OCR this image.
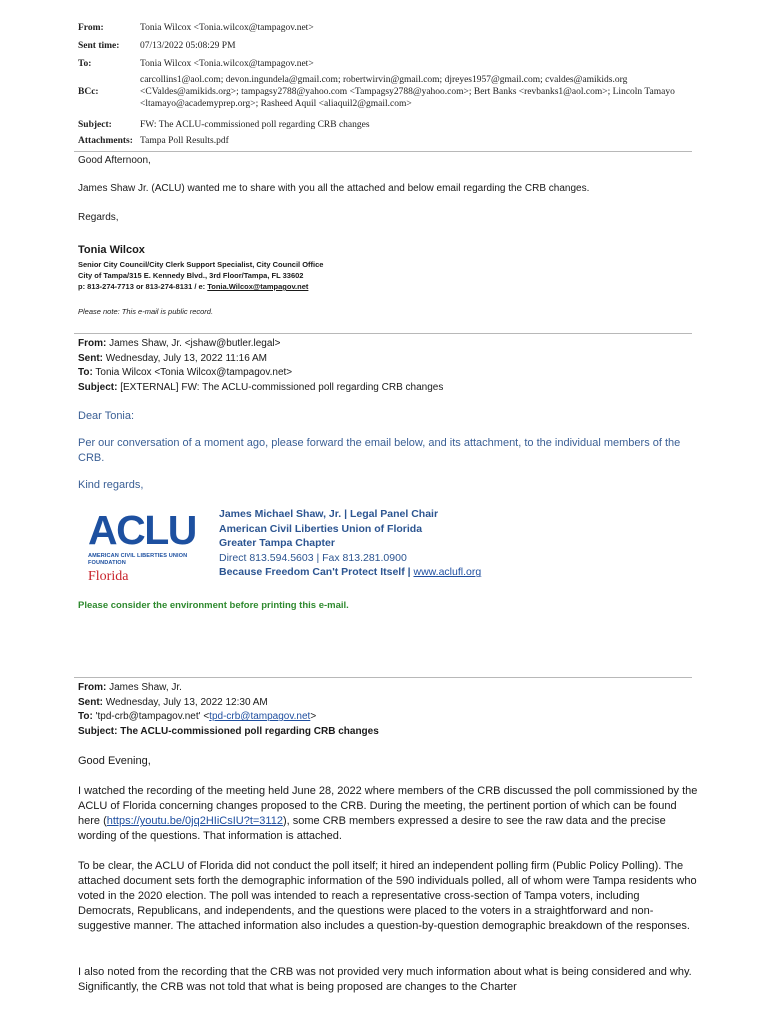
From:	Tonia Wilcox <Tonia.wilcox@tampagov.net>
Sent time:	07/13/2022 05:08:29 PM
To:	Tonia Wilcox <Tonia.wilcox@tampagov.net>
BCc:
carcollins1@aol.com; devon.ingundela@gmail.com; robertwirvin@gmail.com; djreyes1957@gmail.com; cvaldes@amikids.org
<CValdes@amikids.org>; tampagsy2788@yahoo.com <Tampagsy2788@yahoo.com>; Bert Banks <revbanks1@aol.com>; Lincoln Tamayo
<ltamayo@academyprep.org>; Rasheed Aquil <aliaquil2@gmail.com>
Subject:	FW: The ACLU-commissioned poll regarding CRB changes
Attachments: Tampa Poll Results.pdf
Good Afternoon,
James Shaw Jr. (ACLU) wanted me to share with you all the attached and below email regarding the CRB changes.
Regards,
Tonia Wilcox
Senior City Council/City Clerk Support Specialist, City Council Office
City of Tampa/315 E. Kennedy Blvd., 3rd Floor/Tampa, FL 33602
p: 813-274-7713 or 813-274-8131 / e: Tonia.Wilcox@tampagov.net
Please note: This e-mail is public record.
From: James Shaw, Jr. <jshaw@butler.legal>
Sent: Wednesday, July 13, 2022 11:16 AM
To: Tonia Wilcox <Tonia Wilcox@tampagov.net>
Subject: [EXTERNAL] FW: The ACLU-commissioned poll regarding CRB changes
Dear Tonia:
Per our conversation of a moment ago, please forward the email below, and its attachment, to the individual members of the CRB.
Kind regards,
ACLU
AMERICAN CIVIL LIBERTIES UNION
FOUNDATION
Florida
James Michael Shaw, Jr. | Legal Panel Chair
American Civil Liberties Union of Florida
Greater Tampa Chapter
Direct 813.594.5603 | Fax 813.281.0900
Because Freedom Can't Protect Itself | www.aclufl.org
Please consider the environment before printing this e-mail.
From: James Shaw, Jr.
Sent: Wednesday, July 13, 2022 12:30 AM
To: 'tpd-crb@tampagov.net' <tpd-crb@tampagov.net>
Subject: The ACLU-commissioned poll regarding CRB changes
Good Evening,
I watched the recording of the meeting held June 28, 2022 where members of the CRB discussed the poll commissioned by the ACLU of Florida concerning changes proposed to the CRB. During the meeting, the pertinent portion of which can be found here (https://youtu.be/0jq2HIiCsIU?t=3112), some CRB members expressed a desire to see the raw data and the precise wording of the questions. That information is attached.
To be clear, the ACLU of Florida did not conduct the poll itself; it hired an independent polling firm (Public Policy Polling). The attached document sets forth the demographic information of the 590 individuals polled, all of whom were Tampa residents who voted in the 2020 election. The poll was intended to reach a representative cross-section of Tampa voters, including Democrats, Republicans, and independents, and the questions were placed to the voters in a straightforward and non-suggestive manner. The attached information also includes a question-by-question demographic breakdown of the responses.
I also noted from the recording that the CRB was not provided very much information about what is being considered and why. Significantly, the CRB was not told that what is being proposed are changes to the Charter
